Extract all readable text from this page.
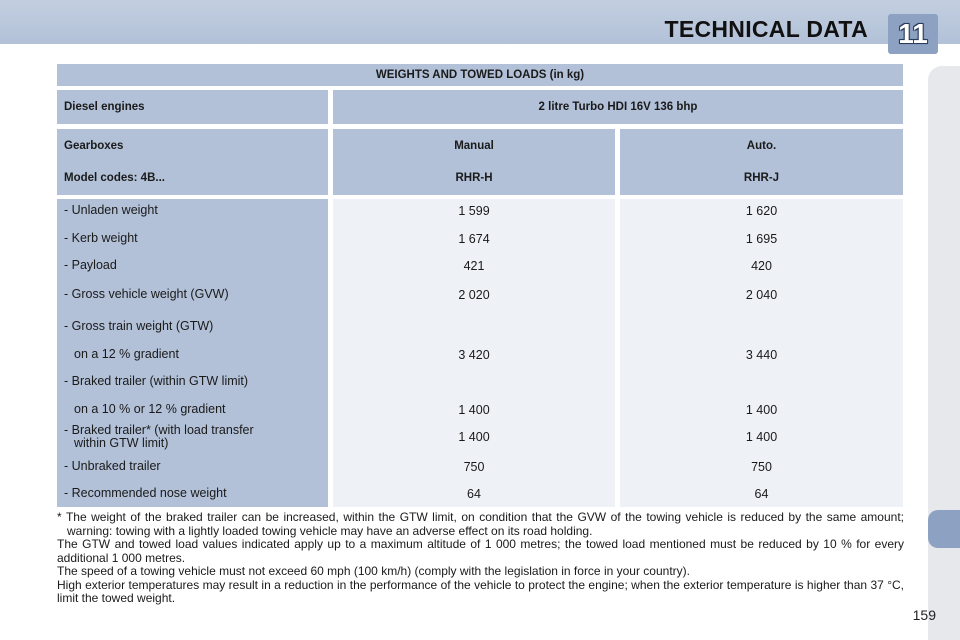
TECHNICAL DATA	11
WEIGHTS AND TOWED LOADS (in kg)
Diesel engines	2 litre Turbo HDI 16V 136 bhp
Gearboxes	Manual	Auto.
Model codes: 4B...	RHR-H	RHR-J
- Unladen weight	1 599	1 620
- Kerb weight	1 674	1 695
- Payload	421	420
- Gross vehicle weight (GVW)	2 020	2 040
- Gross train weight (GTW)
on a 12 % gradient	3 420	3 440
- Braked trailer (within GTW limit)
on a 10 % or 12 % gradient	1 400	1 400
- Braked trailer* (with load transfer
within GTW limit)	1 400	1 400
- Unbraked trailer	750	750
- Recommended nose weight	64	64

* The weight of the braked trailer can be increased, within the GTW limit, on condition that the GVW of the towing vehicle is reduced by the same amount; warning: towing with a lightly loaded towing vehicle may have an adverse effect on its road holding.

The GTW and towed load values indicated apply up to a maximum altitude of 1 000 metres; the towed load mentioned must be reduced by 10 % for every additional 1 000 metres.

The speed of a towing vehicle must not exceed 60 mph (100 km/h) (comply with the legislation in force in your country).

High exterior temperatures may result in a reduction in the performance of the vehicle to protect the engine; when the exterior temperature is higher than 37 °C, limit the towed weight.

159
